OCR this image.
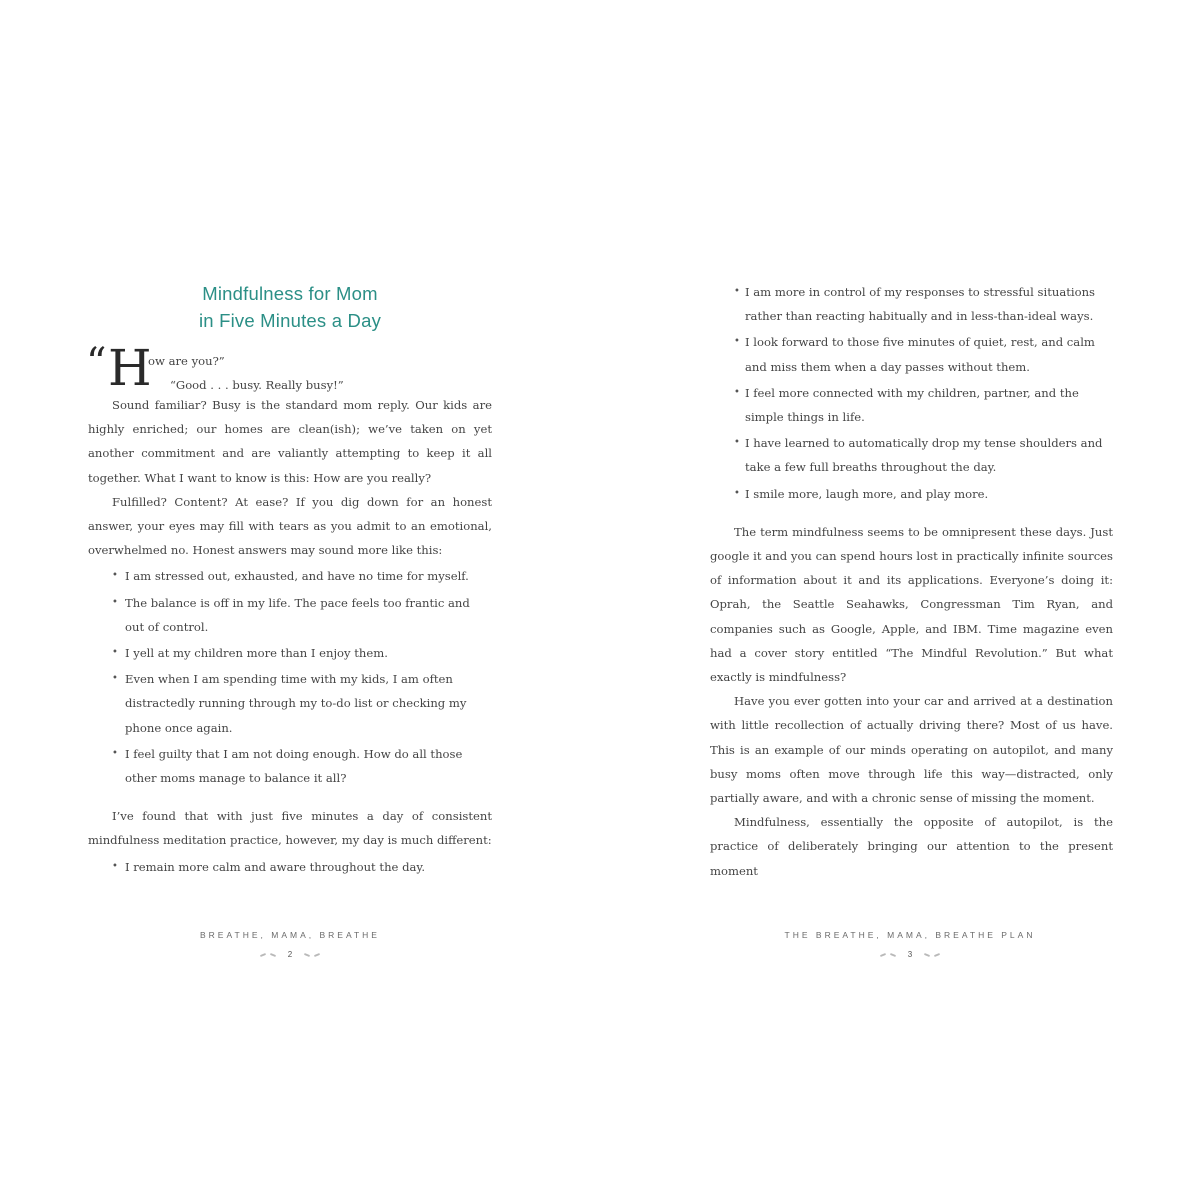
Mindfulness for Mom
in Five Minutes a Day
“ H
ow are you?”
“Good . . . busy. Really busy!”

Sound familiar? Busy is the standard mom reply. Our kids are highly enriched; our homes are clean(ish); we’ve taken on yet another commitment and are valiantly attempting to keep it all together. What I want to know is this: How are you really?

Fulfilled? Content? At ease? If you dig down for an honest answer, your eyes may fill with tears as you admit to an emotional, overwhelmed no. Honest answers may sound more like this:

• I am stressed out, exhausted, and have no time for myself.
• The balance is off in my life. The pace feels too frantic and out of control.
• I yell at my children more than I enjoy them.
• Even when I am spending time with my kids, I am often distractedly running through my to-do list or checking my phone once again.
• I feel guilty that I am not doing enough. How do all those other moms manage to balance it all?

I’ve found that with just five minutes a day of consistent mindfulness meditation practice, however, my day is much different:

• I remain more calm and aware throughout the day.
BREATHE, MAMA, BREATHE
2
• I am more in control of my responses to stressful situations rather than reacting habitually and in less-than-ideal ways.
• I look forward to those five minutes of quiet, rest, and calm and miss them when a day passes without them.
• I feel more connected with my children, partner, and the simple things in life.
• I have learned to automatically drop my tense shoulders and take a few full breaths throughout the day.
• I smile more, laugh more, and play more.

The term mindfulness seems to be omnipresent these days. Just google it and you can spend hours lost in practically infinite sources of information about it and its applications. Everyone’s doing it: Oprah, the Seattle Seahawks, Congressman Tim Ryan, and companies such as Google, Apple, and IBM. Time magazine even had a cover story entitled “The Mindful Revolution.” But what exactly is mindfulness?

Have you ever gotten into your car and arrived at a destination with little recollection of actually driving there? Most of us have. This is an example of our minds operating on autopilot, and many busy moms often move through life this way—distracted, only partially aware, and with a chronic sense of missing the moment.

Mindfulness, essentially the opposite of autopilot, is the practice of deliberately bringing our attention to the present moment

THE BREATHE, MAMA, BREATHE PLAN
3
